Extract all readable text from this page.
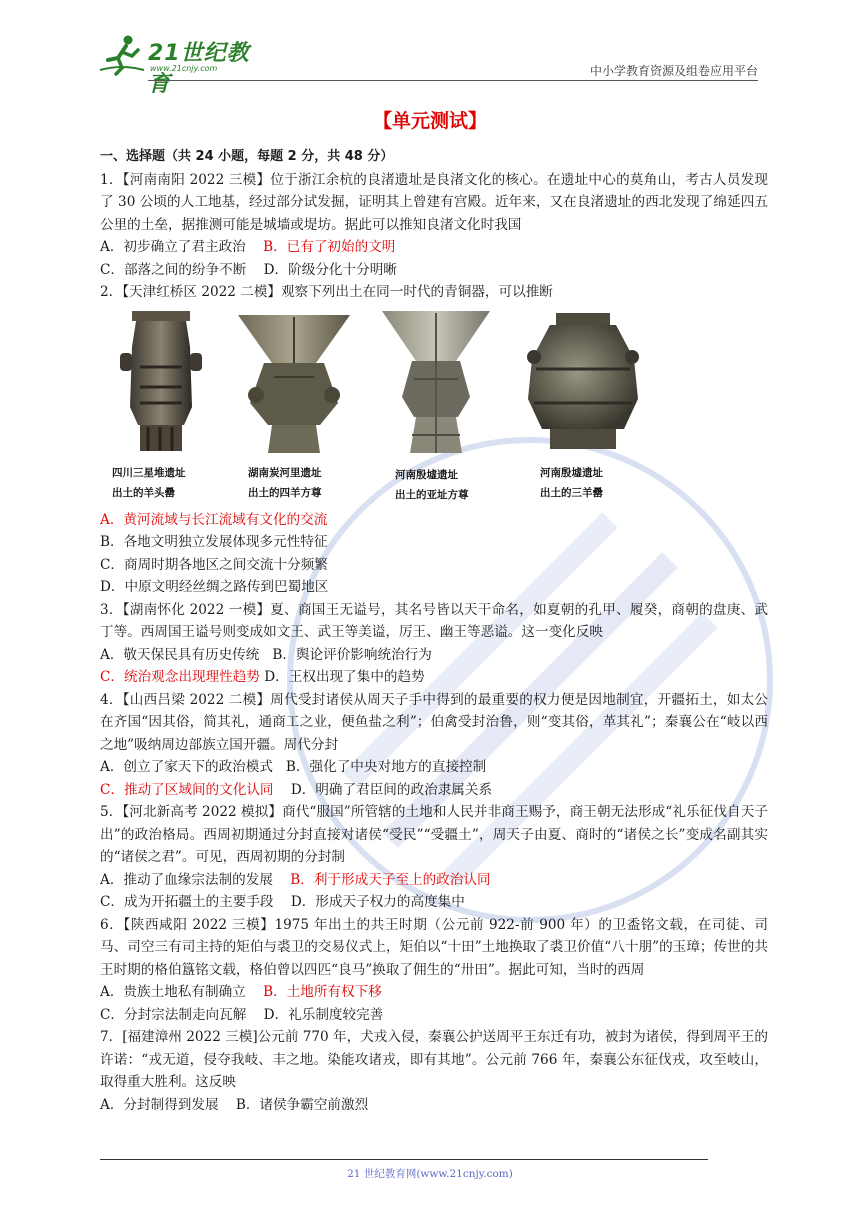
21世纪教育
www.21cnjy.com	中小学教育资源及组卷应用平台
【单元测试】
一、选择题（共 24 小题，每题 2 分，共 48 分）

1．【河南南阳 2022 三模】位于浙江余杭的良渚遗址是良渚文化的核心。在遗址中心的莫角山，考古人员发现了 30 公顷的人工地基，经过部分试发掘，证明其上曾建有宫殿。近年来，又在良渚遗址的西北发现了绵延四五公里的土垒，据推测可能是城墙或堤坊。据此可以推知良渚文化时我国

A．初步确立了君主政治 B．已有了初始的文明

C．部落之间的纷争不断 D．阶级分化十分明晰

2．【天津红桥区 2022 二模】观察下列出土在同一时代的青铜器，可以推断

四川三星堆遗址
出土的羊头罍
湖南炭河里遗址
出土的四羊方尊
河南殷墟遗址
出土的亚址方尊
河南殷墟遗址
出土的三羊罍

A．黄河流域与长江流域有文化的交流

B．各地文明独立发展体现多元性特征

C．商周时期各地区之间交流十分频繁

D．中原文明经丝绸之路传到巴蜀地区

3．【湖南怀化 2022 一模】夏、商国王无谥号，其名号皆以天干命名，如夏朝的孔甲、履癸，商朝的盘庚、武丁等。西周国王谥号则变成如文王、武王等美谥，厉王、幽王等恶谥。这一变化反映

A．敬天保民具有历史传统 B．舆论评价影响统治行为

C．统治观念出现理性趋势 D．王权出现了集中的趋势

4．【山西吕梁 2022 二模】周代受封诸侯从周天子手中得到的最重要的权力便是因地制宜，开疆拓土，如太公在齐国“因其俗，简其礼，通商工之业，便鱼盐之利”；伯禽受封治鲁，则“变其俗，革其礼”；秦襄公在“岐以西之地”吸纳周边部族立国开疆。周代分封

A．创立了家天下的政治模式 B．强化了中央对地方的直接控制

C．推动了区域间的文化认同 D．明确了君臣间的政治隶属关系

5．【河北新高考 2022 模拟】商代“服国”所管辖的土地和人民并非商王赐予，商王朝无法形成“礼乐征伐自天子出”的政治格局。西周初期通过分封直接对诸侯“受民”“受疆土”，周天子由夏、商时的“诸侯之长”变成名副其实的“诸侯之君”。可见，西周初期的分封制

A．推动了血缘宗法制的发展 B．利于形成天子至上的政治认同

C．成为开拓疆土的主要手段 D．形成天子权力的高度集中

6．【陕西咸阳 2022 三模】1975 年出土的共王时期（公元前 922-前 900 年）的卫盉铭文载，在司徒、司马、司空三有司主持的矩伯与裘卫的交易仪式上，矩伯以“十田”土地换取了裘卫价值“八十朋”的玉璋；传世的共王时期的格伯簋铭文载，格伯曾以四匹“良马”换取了佣生的“卅田”。据此可知，当时的西周

A．贵族土地私有制确立 B．土地所有权下移

C．分封宗法制走向瓦解 D．礼乐制度较完善

7．[福建漳州 2022 三模]公元前 770 年，犬戎入侵，秦襄公护送周平王东迁有功，被封为诸侯，得到周平王的许诺：“戎无道，侵夺我岐、丰之地。染能攻诸戎，即有其地”。公元前 766 年，秦襄公东征伐戎，攻至岐山，取得重大胜利。这反映

A．分封制得到发展 B．诸侯争霸空前激烈

21 世纪教育网(www.21cnjy.com)
